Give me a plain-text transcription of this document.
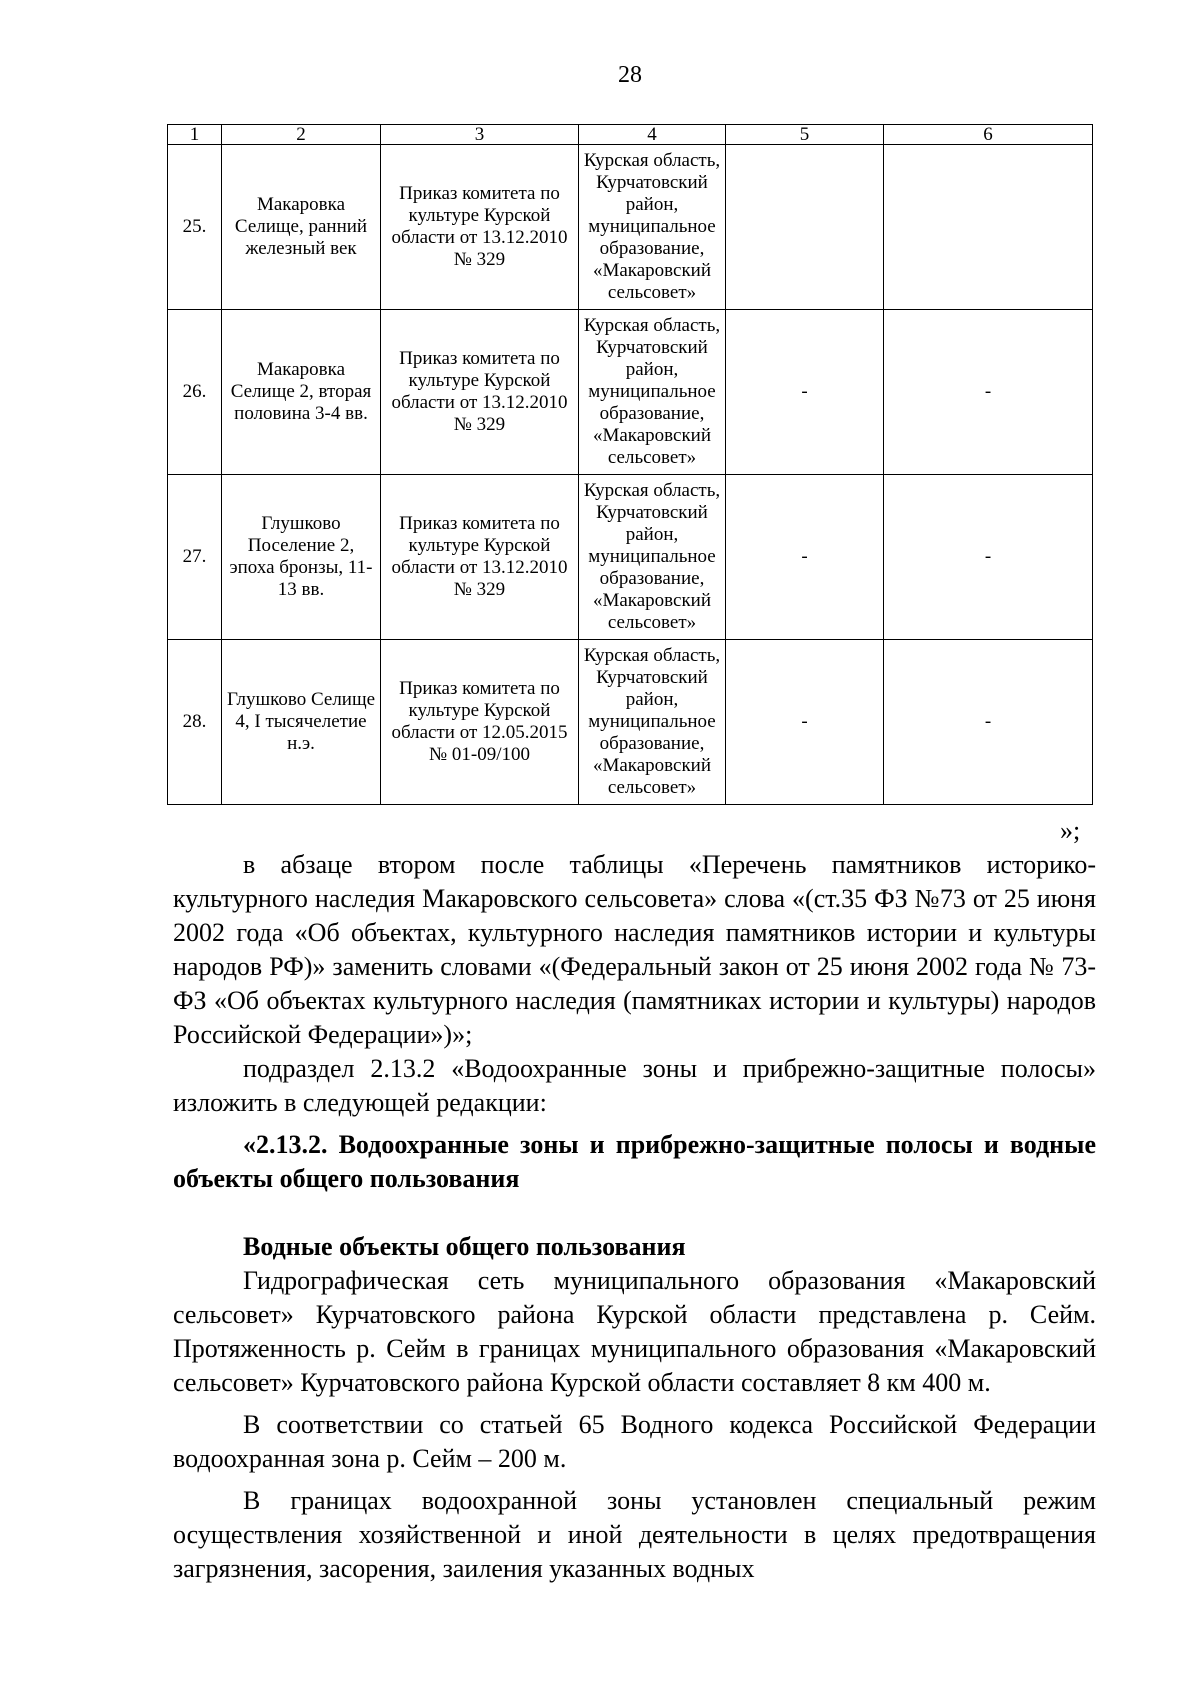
28
1	2	3	4	5	6
25.	Макаровка Селище, ранний железный век	Приказ комитета по культуре Курской области от 13.12.2010 № 329	Курская область, Курчатовский район, муниципальное образование, «Макаровский сельсовет»		
26.	Макаровка Селище 2, вторая половина 3-4 вв.	Приказ комитета по культуре Курской области от 13.12.2010 № 329	Курская область, Курчатовский район, муниципальное образование, «Макаровский сельсовет»	-	-
27.	Глушково Поселение 2, эпоха бронзы, 11-13 вв.	Приказ комитета по культуре Курской области от 13.12.2010 № 329	Курская область, Курчатовский район, муниципальное образование, «Макаровский сельсовет»	-	-
28.	Глушково Селище 4, I тысячелетие н.э.	Приказ комитета по культуре Курской области от 12.05.2015 № 01-09/100	Курская область, Курчатовский район, муниципальное образование, «Макаровский сельсовет»	-	-
»;

в абзаце втором после таблицы «Перечень памятников историко-культурного наследия Макаровского сельсовета» слова «(ст.35 ФЗ №73 от 25 июня 2002 года «Об объектах, культурного наследия памятников истории и культуры народов РФ)» заменить словами «(Федеральный закон от 25 июня 2002 года № 73-ФЗ «Об объектах культурного наследия (памятниках истории и культуры) народов Российской Федерации»)»;

подраздел 2.13.2 «Водоохранные зоны и прибрежно-защитные полосы» изложить в следующей редакции:

«2.13.2. Водоохранные зоны и прибрежно-защитные полосы и водные объекты общего пользования

Водные объекты общего пользования

Гидрографическая сеть муниципального образования «Макаровский сельсовет» Курчатовского района Курской области представлена р. Сейм. Протяженность р. Сейм в границах муниципального образования «Макаровский сельсовет» Курчатовского района Курской области составляет 8 км 400 м.

В соответствии со статьей 65 Водного кодекса Российской Федерации водоохранная зона р. Сейм – 200 м.

В границах водоохранной зоны установлен специальный режим осуществления хозяйственной и иной деятельности в целях предотвращения загрязнения, засорения, заиления указанных водных
